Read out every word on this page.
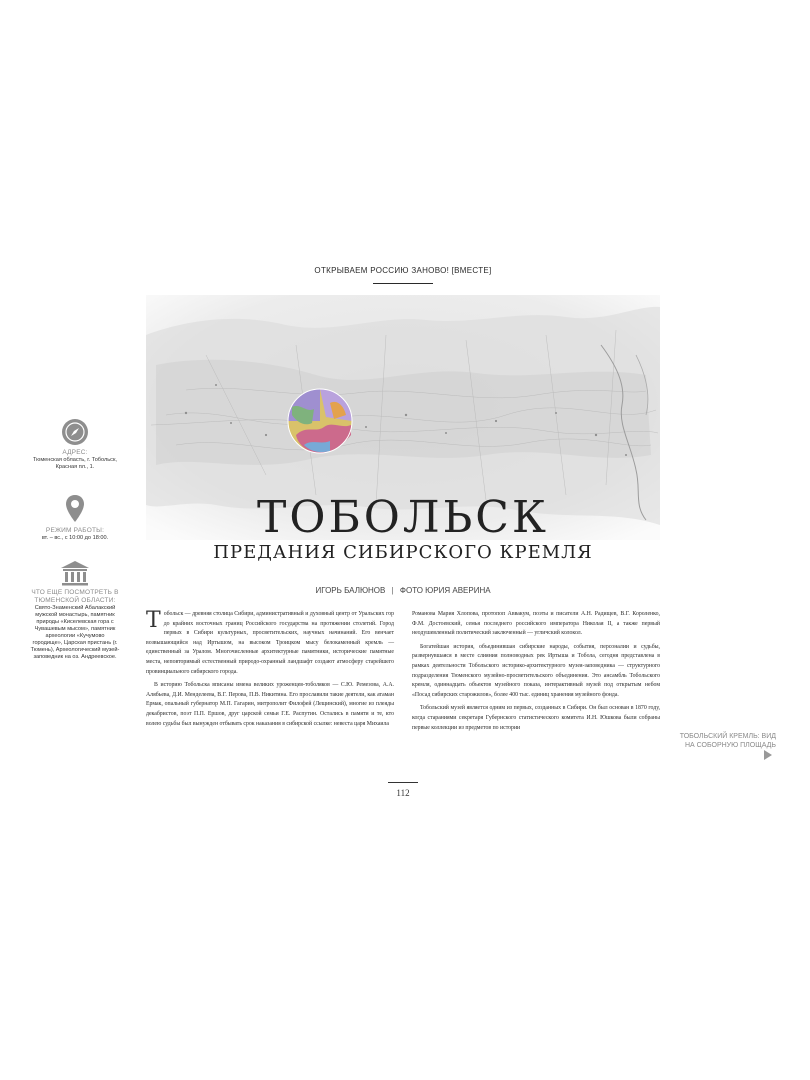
ОТКРЫВАЕМ РОССИЮ ЗАНОВО! [ВМЕСТЕ]
ТОБОЛЬСК
ПРЕДАНИЯ СИБИРСКОГО КРЕМЛЯ
ИГОРЬ БАЛЮНОВ | ФОТО ЮРИЯ АВЕРИНА

Т обольск — древняя столица Сибири, административный и духовный центр от Уральских гор до крайних восточных границ Российского государства на протяжении столетий. Город первых в Сибири культурных, просветительских, научных начинаний. Его венчает возвышающийся над Иртышом, на высоком Троицком мысу белокаменный кремль — единственный за Уралом. Многочисленные архитектурные памятники, исторические памятные места, неповторимый естественный природо-охранный ландшафт создают атмосферу старейшего провинциального сибирского города.

В историю Тобольска вписаны имена великих уроженцев-тоболяков — С.Ю. Ремезова, А.А. Алябьева, Д.И. Менделеева, В.Г. Перова, П.В. Никитина. Его прославили такие деятели, как атаман Ермак, опальный губернатор М.П. Гагарин, митрополит Филофей (Лещинский), многие из плеяды декабристов, поэт П.П. Ершов, друг царской семьи Г.Е. Распутин. Остались в памяти и те, кто волею судьбы был вынужден отбывать срок наказания в сибирской ссылке: невеста царя Михаила

Романова Мария Хлопова, протопоп Аввакум, поэты и писатели А.Н. Радищев, В.Г. Короленко, Ф.М. Достоевский, семья последнего российского императора Николая II, а также первый неодушевленный политический заключенный — угличский колокол.

Богатейшая история, объединившая сибирские народы, события, персоналии и судьбы, развернувшаяся в месте слияния полноводных рек Иртыша и Тобола, сегодня представлена в рамках деятельности Тобольского историко-архитектурного музея-заповедника — структурного подразделения Тюменского музейно-просветительского объединения. Это ансамбль Тобольского кремля, одиннадцать объектов музейного показа, интерактивный музей под открытым небом «Посад сибирских старожилов», более 400 тыс. единиц хранения музейного фонда.

Тобольский музей является одним из первых, созданных в Сибири. Он был основан в 1870 году, когда стараниями секретаря Губернского статистического комитета И.Н. Юшкова были собраны первые коллекции из предметов по истории

112
АДРЕС:
Тюменская область, г. Тобольск, Красная пл., 1.
РЕЖИМ РАБОТЫ:
вт. – вс., с 10:00 до 18:00.
ЧТО ЕЩЕ ПОСМОТРЕТЬ В ТЮМЕНСКОЙ ОБЛАСТИ:
Свято-Знаменский Абалакский мужской монастырь, памятник природы «Киселевская гора с Чувашевым мысом», памятник археологии «Кучумово городище», Царская пристань (г. Тюмень), Археологический музей-заповедник на оз. Андреевское.
ТОБОЛЬСКИЙ КРЕМЛЬ: ВИД НА СОБОРНУЮ ПЛОЩАДЬ
